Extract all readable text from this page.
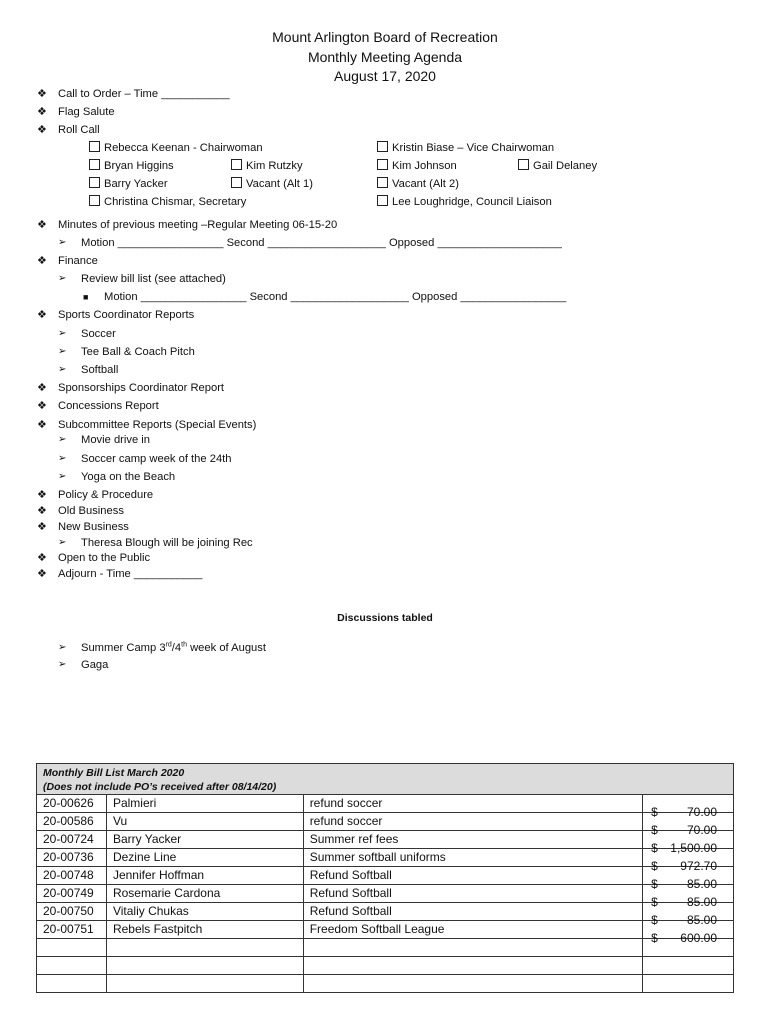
Mount Arlington Board of Recreation
Monthly Meeting Agenda
August 17, 2020
❖ Call to Order – Time ___________
❖ Flag Salute
❖ Roll Call
Rebecca Keenan - Chairwoman	Kristin Biase – Vice Chairwoman
Bryan Higgins	Kim Rutzky	Kim Johnson	Gail Delaney
Barry Yacker	Vacant (Alt 1)	Vacant (Alt 2)
Christina Chismar, Secretary	Lee Loughridge, Council Liaison
❖ Minutes of previous meeting –Regular Meeting 06-15-20
➢ Motion _________________ Second ___________________ Opposed ____________________
❖ Finance
➢ Review bill list (see attached)
■ Motion _________________ Second ___________________ Opposed _________________
❖ Sports Coordinator Reports
➢ Soccer
➢ Tee Ball & Coach Pitch
➢ Softball
❖ Sponsorships Coordinator Report
❖ Concessions Report
❖ Subcommittee Reports (Special Events)
➢ Movie drive in
➢ Soccer camp week of the 24th
➢ Yoga on the Beach
❖ Policy & Procedure
❖ Old Business
❖ New Business
➢ Theresa Blough will be joining Rec
❖ Open to the Public
❖ Adjourn - Time ___________
➢ Summer Camp 3rd/4th week of August
➢ Gaga
Discussions tabled
Monthly Bill List March 2020
(Does not include PO’s received after 08/14/20)			

20-00626	Palmieri	refund soccer	$ 70.00

20-00586	Vu	refund soccer	$ 70.00

20-00724	Barry Yacker	Summer ref fees	$ 1,500.00

20-00736	Dezine Line	Summer softball uniforms	$ 972.70

20-00748	Jennifer Hoffman	Refund Softball	$ 85.00

20-00749	Rosemarie Cardona	Refund Softball	$ 85.00

20-00750	Vitaliy Chukas	Refund Softball	$ 85.00

20-00751	Rebels Fastpitch	Freedom Softball League	$ 600.00
